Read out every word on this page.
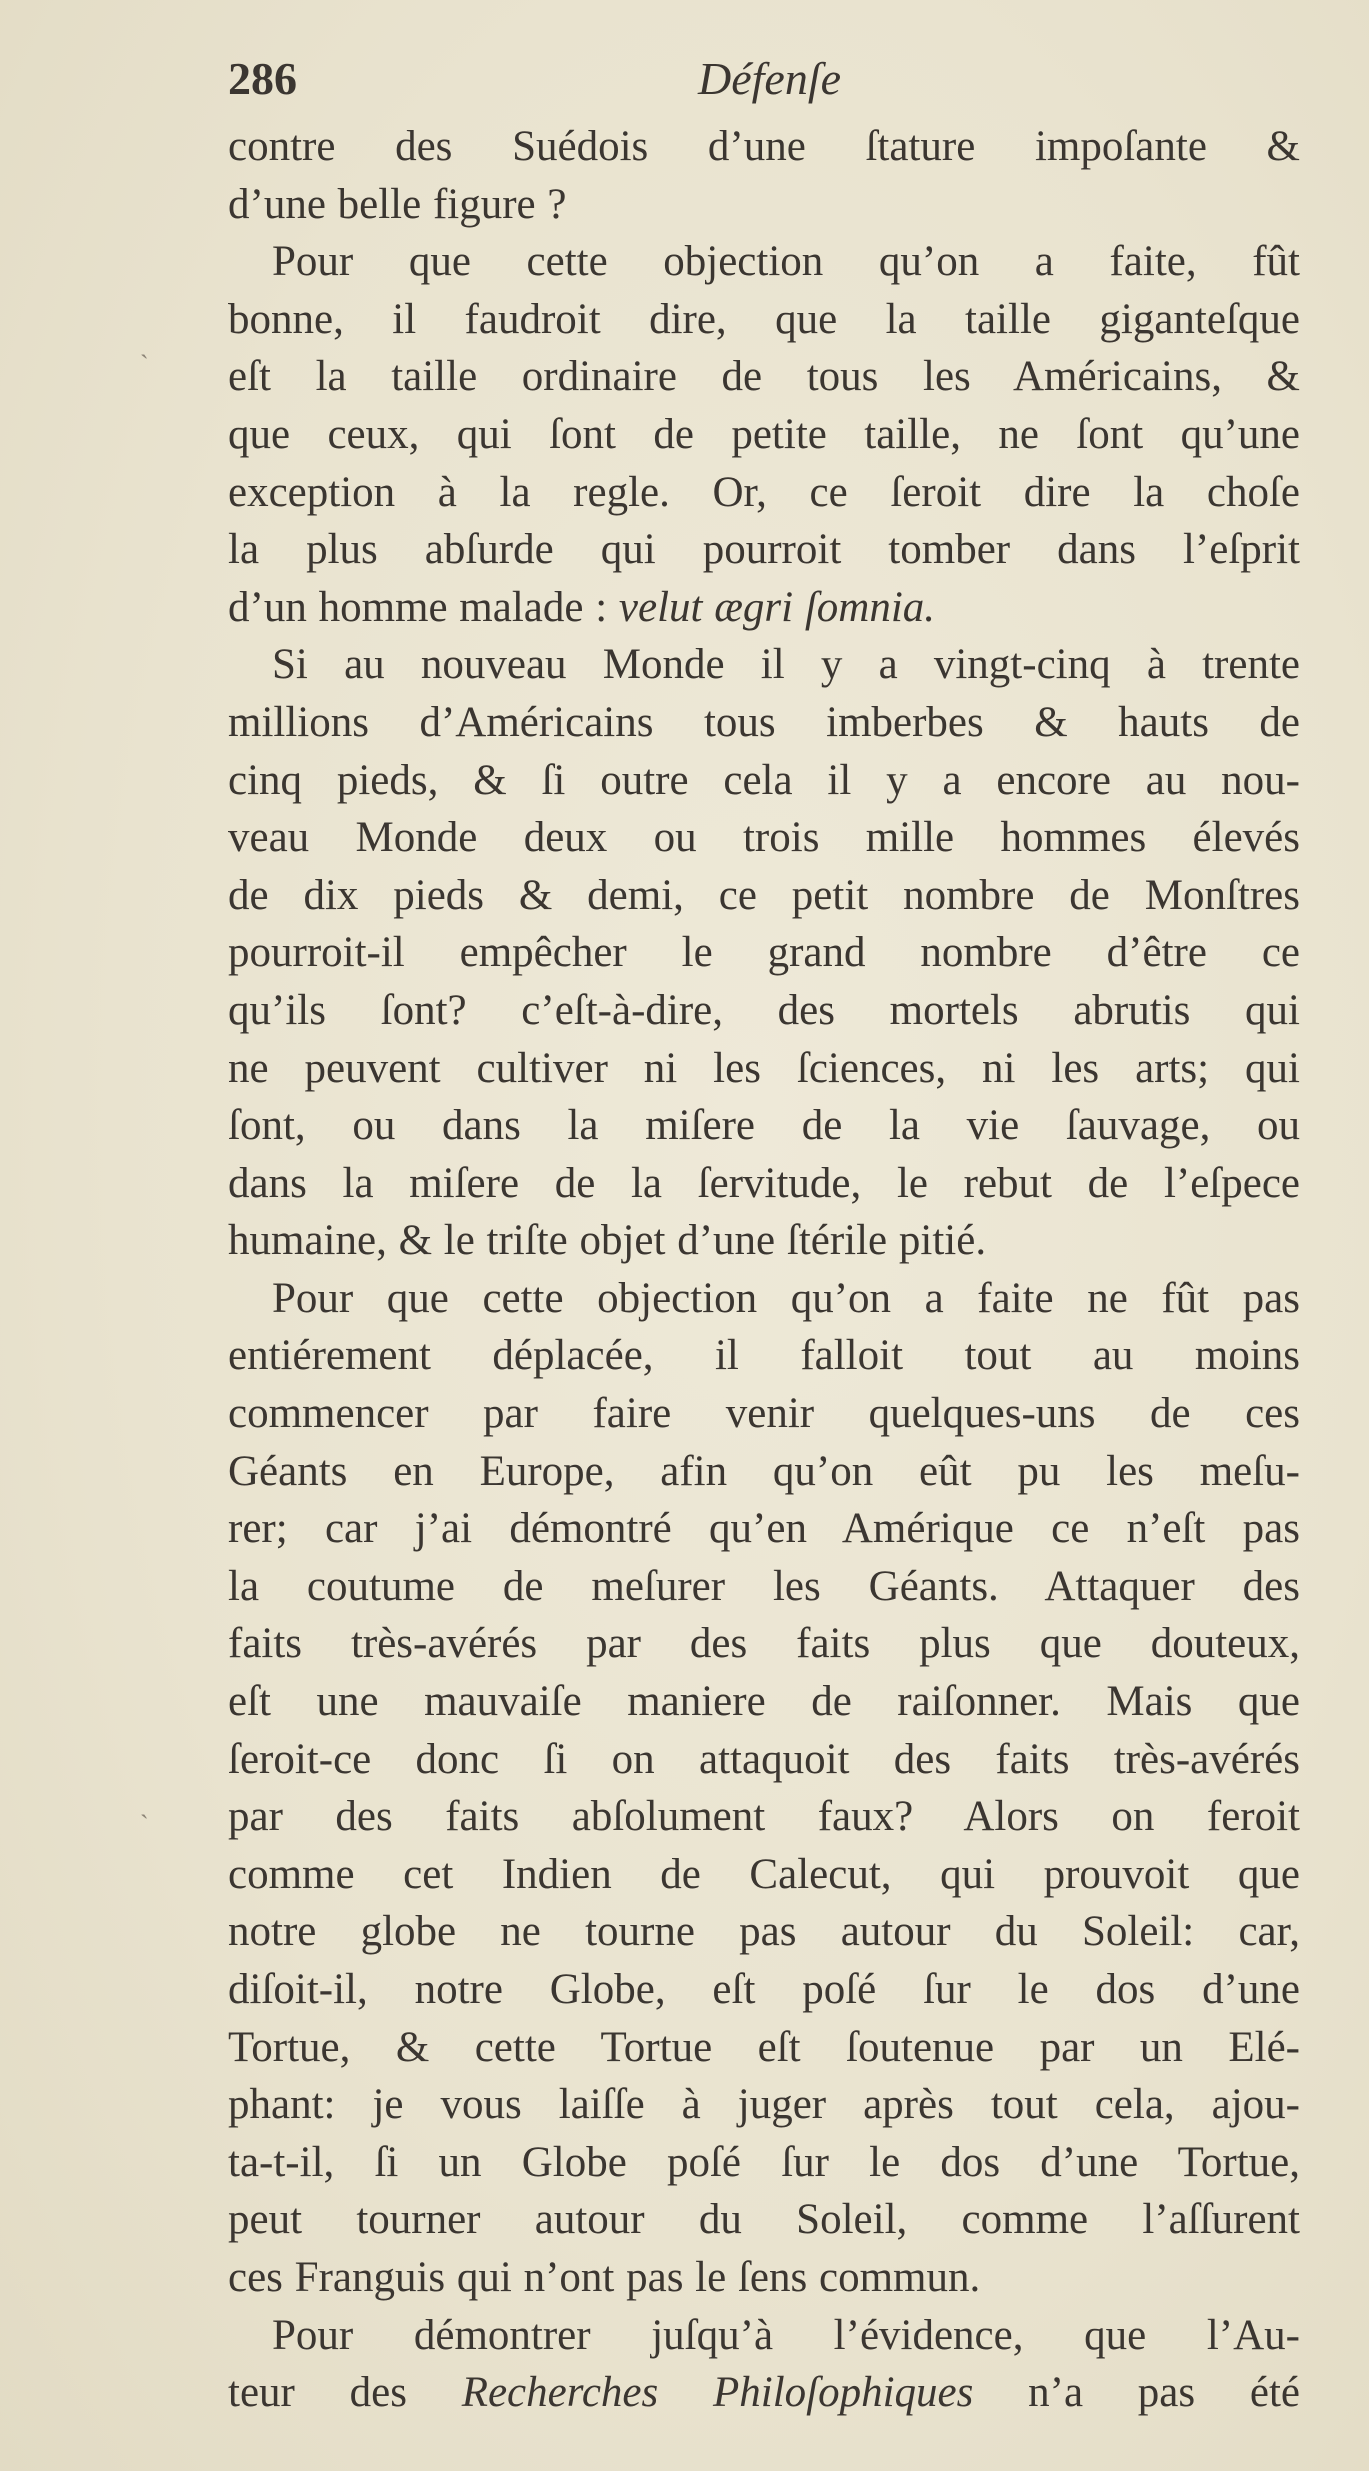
286	Défenſe
contre des Suédois d’une ſtature impoſante &
d’une belle figure ?
Pour que cette objection qu’on a faite, fût
bonne, il faudroit dire, que la taille giganteſque
eſt la taille ordinaire de tous les Américains, &
que ceux, qui ſont de petite taille, ne ſont qu’une
exception à la regle. Or, ce ſeroit dire la choſe
la plus abſurde qui pourroit tomber dans l’eſprit
d’un homme malade : velut ægri ſomnia.
Si au nouveau Monde il y a vingt-cinq à trente
millions d’Américains tous imberbes & hauts de
cinq pieds, & ſi outre cela il y a encore au nou-
veau Monde deux ou trois mille hommes élevés
de dix pieds & demi, ce petit nombre de Monſtres
pourroit-il empêcher le grand nombre d’être ce
qu’ils ſont? c’eſt-à-dire, des mortels abrutis qui
ne peuvent cultiver ni les ſciences, ni les arts; qui
ſont, ou dans la miſere de la vie ſauvage, ou
dans la miſere de la ſervitude, le rebut de l’eſpece
humaine, & le triſte objet d’une ſtérile pitié.
Pour que cette objection qu’on a faite ne fût pas
entiérement déplacée, il falloit tout au moins
commencer par faire venir quelques-uns de ces
Géants en Europe, afin qu’on eût pu les meſu-
rer; car j’ai démontré qu’en Amérique ce n’eſt pas
la coutume de meſurer les Géants. Attaquer des
faits très-avérés par des faits plus que douteux,
eſt une mauvaiſe maniere de raiſonner. Mais que
ſeroit-ce donc ſi on attaquoit des faits très-avérés
par des faits abſolument faux? Alors on feroit
comme cet Indien de Calecut, qui prouvoit que
notre globe ne tourne pas autour du Soleil: car,
diſoit-il, notre Globe, eſt poſé ſur le dos d’une
Tortue, & cette Tortue eſt ſoutenue par un Elé-
phant: je vous laiſſe à juger après tout cela, ajou-
ta-t-il, ſi un Globe poſé ſur le dos d’une Tortue,
peut tourner autour du Soleil, comme l’aſſurent
ces Franguis qui n’ont pas le ſens commun.
Pour démontrer juſqu’à l’évidence, que l’Au-
teur des Recherches Philoſophiques n’a pas été
ˎ
ˎ
